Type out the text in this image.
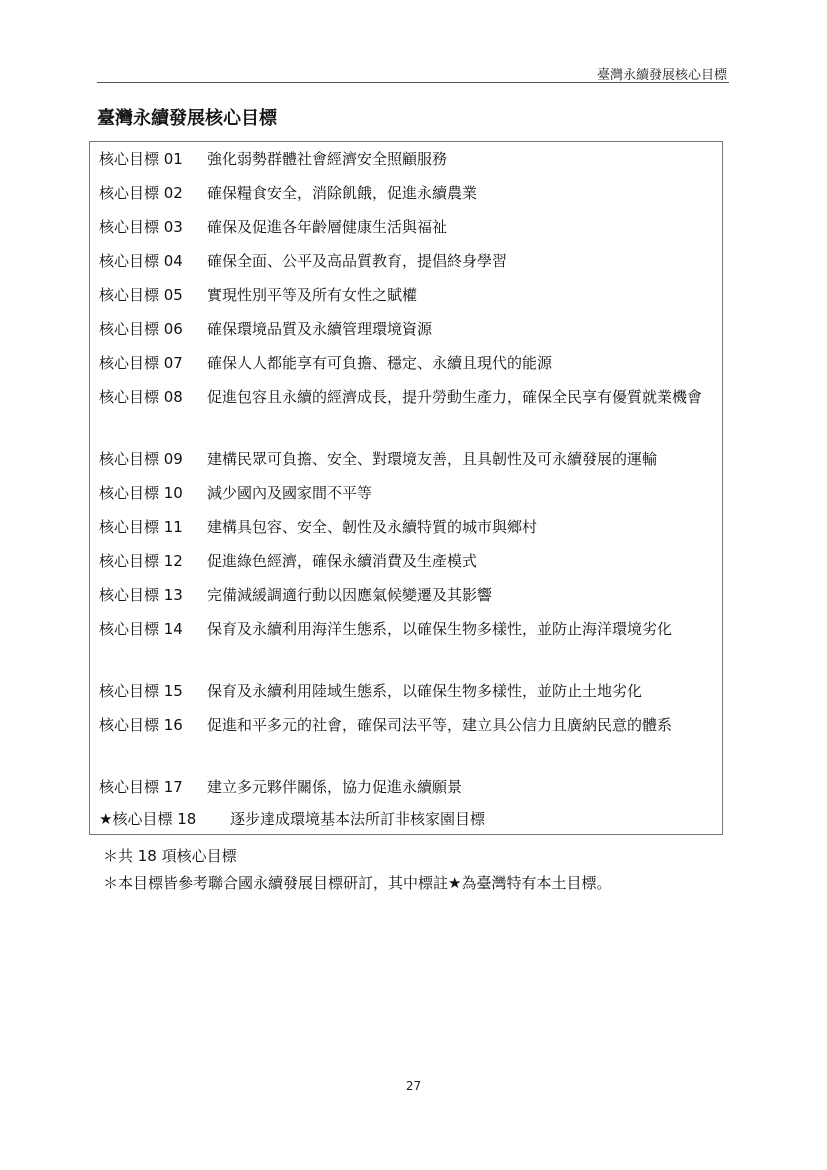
臺灣永續發展核心目標
臺灣永續發展核心目標
核心目標 01 強化弱勢群體社會經濟安全照顧服務
核心目標 02 確保糧食安全，消除飢餓，促進永續農業
核心目標 03 確保及促進各年齡層健康生活與福祉
核心目標 04 確保全面、公平及高品質教育，提倡終身學習
核心目標 05 實現性別平等及所有女性之賦權
核心目標 06 確保環境品質及永續管理環境資源
核心目標 07 確保人人都能享有可負擔、穩定、永續且現代的能源
核心目標 08 促進包容且永續的經濟成長，提升勞動生產力，確保全民享有優質就業機會
核心目標 09 建構民眾可負擔、安全、對環境友善，且具韌性及可永續發展的運輸
核心目標 10 減少國內及國家間不平等
核心目標 11 建構具包容、安全、韌性及永續特質的城市與鄉村
核心目標 12 促進綠色經濟，確保永續消費及生產模式
核心目標 13 完備減緩調適行動以因應氣候變遷及其影響
核心目標 14 保育及永續利用海洋生態系，以確保生物多樣性，並防止海洋環境劣化
核心目標 15 保育及永續利用陸域生態系，以確保生物多樣性，並防止土地劣化
核心目標 16 促進和平多元的社會，確保司法平等，建立具公信力且廣納民意的體系
核心目標 17 建立多元夥伴關係，協力促進永續願景
★核心目標 18 逐步達成環境基本法所訂非核家園目標
＊共 18 項核心目標
＊本目標皆參考聯合國永續發展目標研訂，其中標註★為臺灣特有本土目標。
27
